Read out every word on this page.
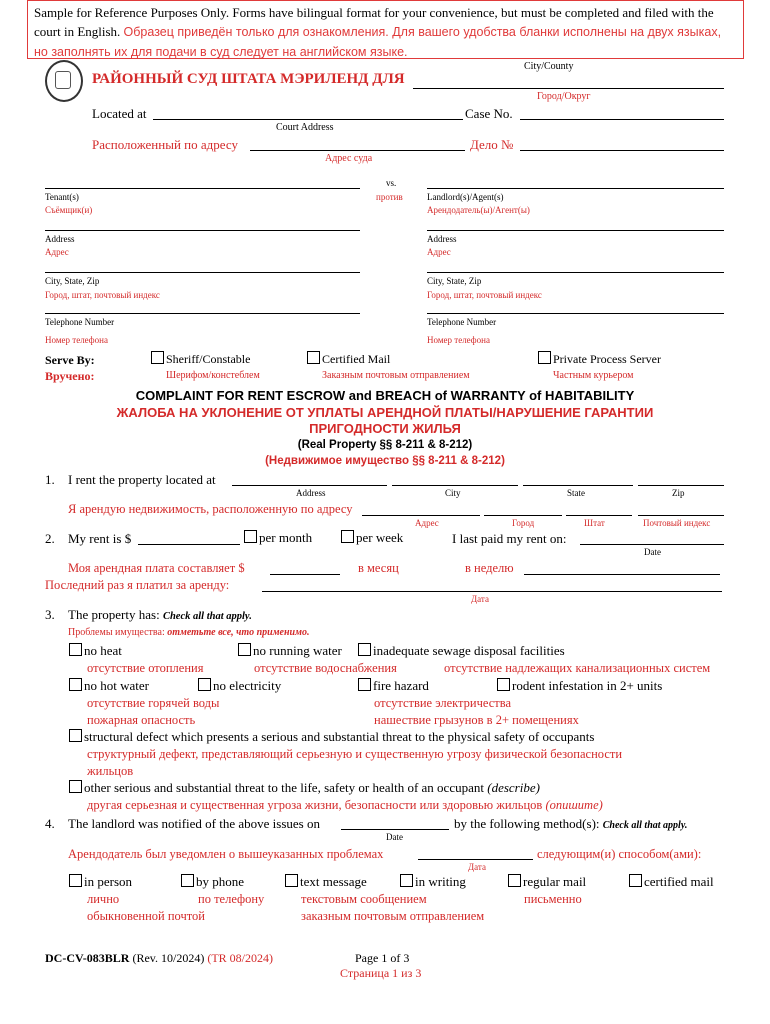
Sample for Reference Purposes Only. Forms have bilingual format for your convenience, but must be completed and filed with the court in English. Образец приведён только для ознакомления. Для вашего удобства бланки исполнены на двух языках, но заполнять их для подачи в суд следует на английском языке.
City/County
РАЙОННЫЙ СУД ШТАТА МЭРИЛЕНД ДЛЯ
Город/Округ
Located at	Case No.
Court Address
Расположенный по адресу	Дело №
Адрес суда
vs.
Tenant(s)	против	Landlord(s)/Agent(s)
Съёмщик(и)	Арендодатель(ы)/Агент(ы)
Address	Address
Адрес	Адрес
City, State, Zip	City, State, Zip
Город, штат, почтовый индекс	Город, штат, почтовый индекс
Telephone Number	Telephone Number
Номер телефона	Номер телефона
Serve By:
Вручено:
Sheriff/Constable	Certified Mail	Private Process Server
Шерифом/констеблем	Заказным почтовым отправлением	Частным курьером
COMPLAINT FOR RENT ESCROW and BREACH of WARRANTY of HABITABILITY
ЖАЛОБА НА УКЛОНЕНИЕ ОТ УПЛАТЫ АРЕНДНОЙ ПЛАТЫ/НАРУШЕНИЕ ГАРАНТИИ
ПРИГОДНОСТИ ЖИЛЬЯ
(Real Property §§ 8-211 & 8-212)
(Недвижимое имущество §§ 8-211 & 8-212)
1. I rent the property located at
Address	City	State	Zip
Я арендую недвижимость, расположенную по адресу
Адрес	Город	Штат	Почтовый индекс
2. My rent is $	per month	per week	I last paid my rent on:
Date
Моя арендная плата составляет $	в месяц	в неделю
Последний раз я платил за аренду:
Дата
3. The property has: Check all that apply.
Проблемы имущества: отметьте все, что применимо.
no heat	no running water	inadequate sewage disposal facilities
отсутствие отопления	отсутствие водоснабжения	отсутствие надлежащих канализационных систем
no hot water	no electricity	fire hazard	rodent infestation in 2+ units
отсутствие горячей воды	отсутствие электричества
пожарная опасность	нашествие грызунов в 2+ помещениях
structural defect which presents a serious and substantial threat to the physical safety of occupants
структурный дефект, представляющий серьезную и существенную угрозу физической безопасности
жильцов
other serious and substantial threat to the life, safety or health of an occupant (describe)
другая серьезная и существенная угроза жизни, безопасности или здоровью жильцов (опишите)
4. The landlord was notified of the above issues on	by the following method(s): Check all that apply.
Date
Арендодатель был уведомлен о вышеуказанных проблемах	следующим(и) способом(ами):
Дата
in person	by phone	text message	in writing	regular mail	certified mail
лично	по телефону	текстовым сообщением	письменно
обыкновенной почтой	заказным почтовым отправлением
DC-CV-083BLR (Rev. 10/2024) (TR 08/2024)	Page 1 of 3
Страница 1 из 3
